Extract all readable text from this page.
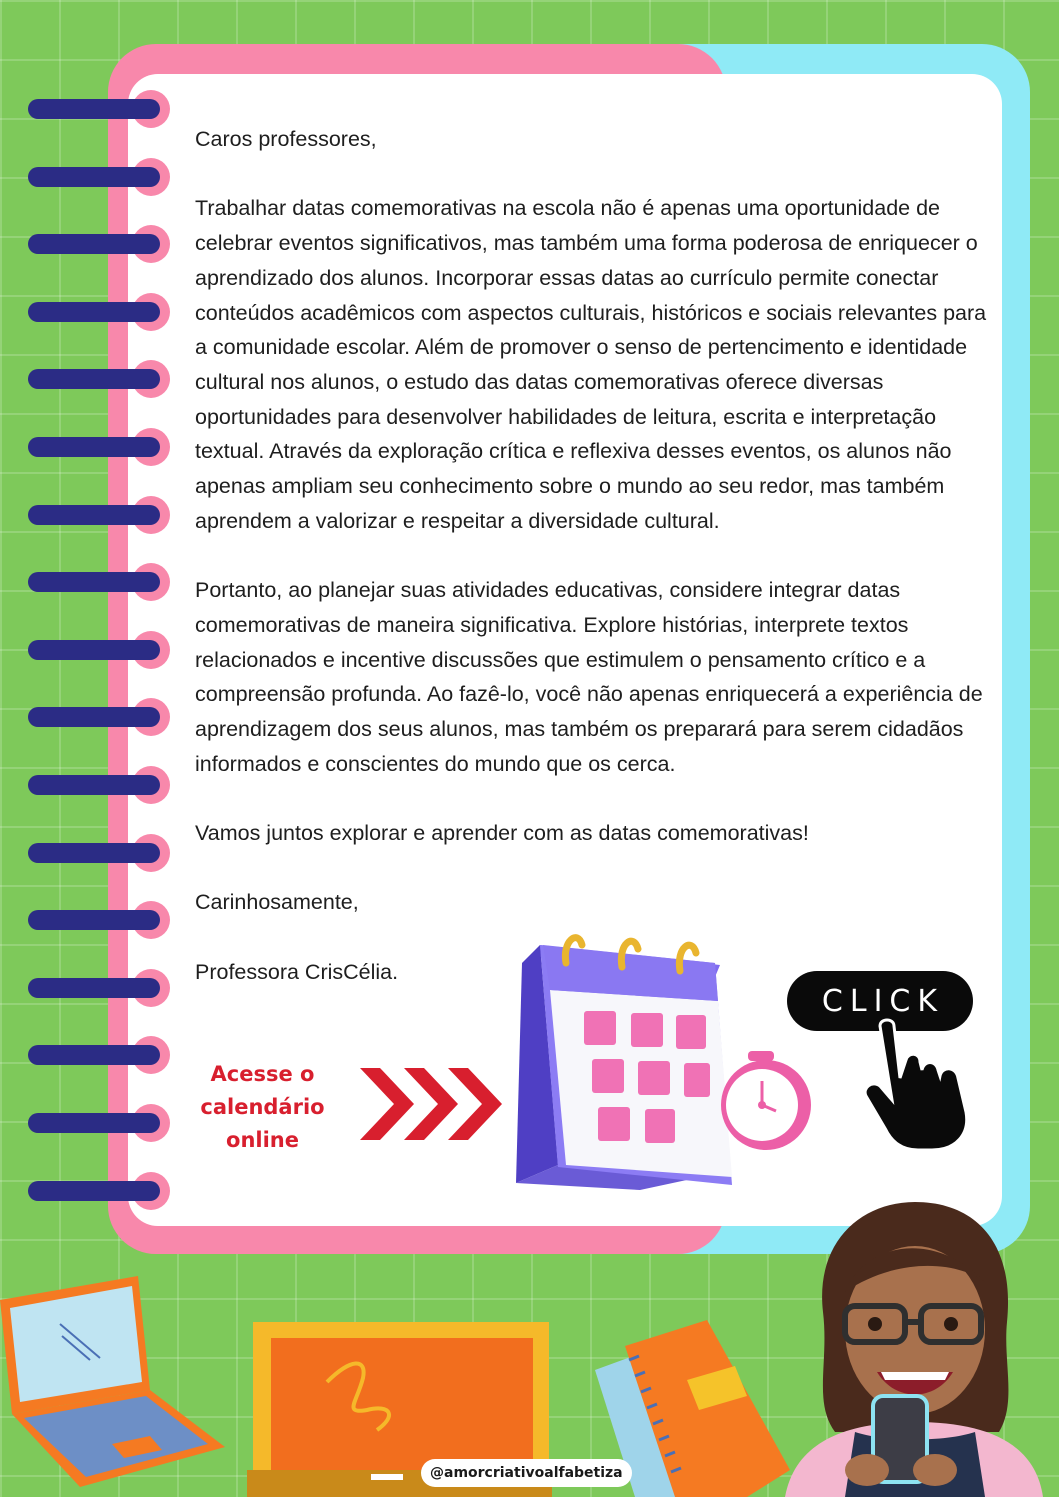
Caros professores,

Trabalhar datas comemorativas na escola não é apenas uma oportunidade de celebrar eventos significativos, mas também uma forma poderosa de enriquecer o aprendizado dos alunos. Incorporar essas datas ao currículo permite conectar conteúdos acadêmicos com aspectos culturais, históricos e sociais relevantes para a comunidade escolar. Além de promover o senso de pertencimento e identidade cultural nos alunos, o estudo das datas comemorativas oferece diversas oportunidades para desenvolver habilidades de leitura, escrita e interpretação textual. Através da exploração crítica e reflexiva desses eventos, os alunos não apenas ampliam seu conhecimento sobre o mundo ao seu redor, mas também aprendem a valorizar e respeitar a diversidade cultural.

Portanto, ao planejar suas atividades educativas, considere integrar datas comemorativas de maneira significativa. Explore histórias, interprete textos relacionados e incentive discussões que estimulem o pensamento crítico e a compreensão profunda. Ao fazê-lo, você não apenas enriquecerá a experiência de aprendizagem dos seus alunos, mas também os preparará para serem cidadãos informados e conscientes do mundo que os cerca.

Vamos juntos explorar e aprender com as datas comemorativas!

Carinhosamente,

Professora CrisCélia.

Acesse o
calendário
online
CLICK
@amorcriativoalfabetiza
